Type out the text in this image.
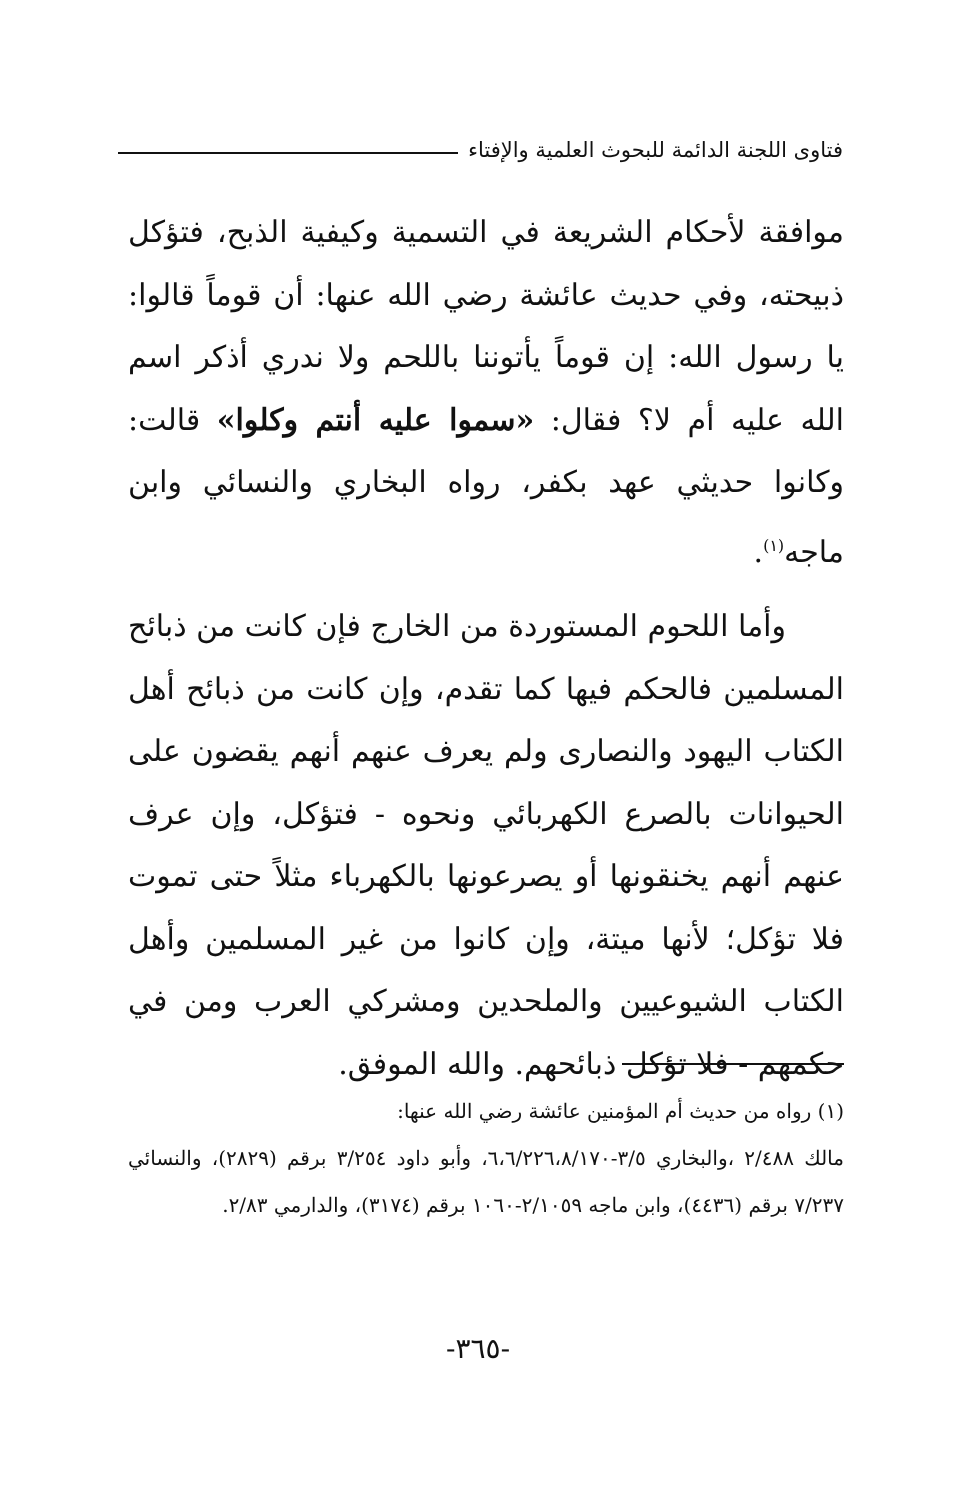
فتاوى اللجنة الدائمة للبحوث العلمية والإفتاء

موافقة لأحكام الشريعة في التسمية وكيفية الذبح، فتؤكل ذبيحته، وفي حديث عائشة رضي الله عنها: أن قوماً قالوا: يا رسول الله: إن قوماً يأتوننا باللحم ولا ندري أذكر اسم الله عليه أم لا؟ فقال: «سموا عليه أنتم وكلوا» قالت: وكانوا حديثي عهد بكفر، رواه البخاري والنسائي وابن ماجه$^{(١)}$.

وأما اللحوم المستوردة من الخارج فإن كانت من ذبائح المسلمين فالحكم فيها كما تقدم، وإن كانت من ذبائح أهل الكتاب اليهود والنصارى ولم يعرف عنهم أنهم يقضون على الحيوانات بالصرع الكهربائي ونحوه - فتؤكل، وإن عرف عنهم أنهم يخنقونها أو يصرعونها بالكهرباء مثلاً حتى تموت فلا تؤكل؛ لأنها ميتة، وإن كانوا من غير المسلمين وأهل الكتاب الشيوعيين والملحدين ومشركي العرب ومن في حكمهم - فلا تؤكل ذبائحهم. والله الموفق.

(١) رواه من حديث أم المؤمنين عائشة رضي الله عنها:

مالك ٢/٤٨٨ ،والبخاري ٣/٥-٦،٦/٢٢٦،٨/١٧٠، وأبو داود ٣/٢٥٤ برقم (٢٨٢٩)، والنسائي ٧/٢٣٧ برقم (٤٤٣٦)، وابن ماجه ٢/١٠٥٩-١٠٦٠ برقم (٣١٧٤)، والدارمي ٢/٨٣.

-٣٦٥-
